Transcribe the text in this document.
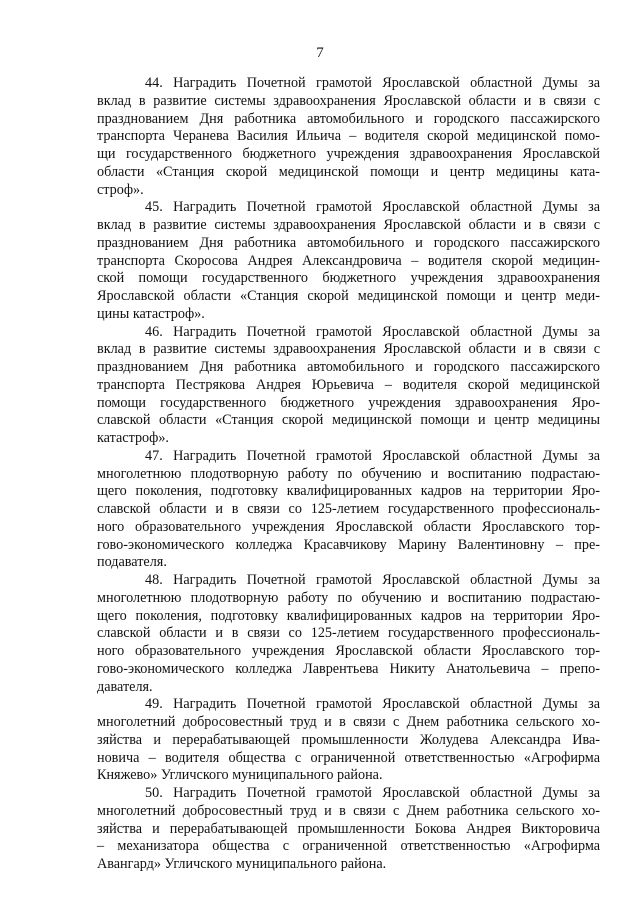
7

44. Наградить Почетной грамотой Ярославской областной Думы за
вклад в развитие системы здравоохранения Ярославской области и в связи с
празднованием Дня работника автомобильного и городского пассажирского
транспорта Черанева Василия Ильича – водителя скорой медицинской помо-
щи государственного бюджетного учреждения здравоохранения Ярославской
области «Станция скорой медицинской помощи и центр медицины ката-
строф».

45. Наградить Почетной грамотой Ярославской областной Думы за
вклад в развитие системы здравоохранения Ярославской области и в связи с
празднованием Дня работника автомобильного и городского пассажирского
транспорта Скоросова Андрея Александровича – водителя скорой медицин-
ской помощи государственного бюджетного учреждения здравоохранения
Ярославской области «Станция скорой медицинской помощи и центр меди-
цины катастроф».

46. Наградить Почетной грамотой Ярославской областной Думы за
вклад в развитие системы здравоохранения Ярославской области и в связи с
празднованием Дня работника автомобильного и городского пассажирского
транспорта Пестрякова Андрея Юрьевича – водителя скорой медицинской
помощи государственного бюджетного учреждения здравоохранения Яро-
славской области «Станция скорой медицинской помощи и центр медицины
катастроф».

47. Наградить Почетной грамотой Ярославской областной Думы за
многолетнюю плодотворную работу по обучению и воспитанию подрастаю-
щего поколения, подготовку квалифицированных кадров на территории Яро-
славской области и в связи со 125-летием государственного профессиональ-
ного образовательного учреждения Ярославской области Ярославского тор-
гово-экономического колледжа Красавчикову Марину Валентиновну – пре-
подавателя.

48. Наградить Почетной грамотой Ярославской областной Думы за
многолетнюю плодотворную работу по обучению и воспитанию подрастаю-
щего поколения, подготовку квалифицированных кадров на территории Яро-
славской области и в связи со 125-летием государственного профессиональ-
ного образовательного учреждения Ярославской области Ярославского тор-
гово-экономического колледжа Лаврентьева Никиту Анатольевича – препо-
давателя.

49. Наградить Почетной грамотой Ярославской областной Думы за
многолетний добросовестный труд и в связи с Днем работника сельского хо-
зяйства и перерабатывающей промышленности Жолудева Александра Ива-
новича – водителя общества с ограниченной ответственностью «Агрофирма
Княжево» Угличского муниципального района.

50. Наградить Почетной грамотой Ярославской областной Думы за
многолетний добросовестный труд и в связи с Днем работника сельского хо-
зяйства и перерабатывающей промышленности Бокова Андрея Викторовича
– механизатора общества с ограниченной ответственностью «Агрофирма
Авангард» Угличского муниципального района.
